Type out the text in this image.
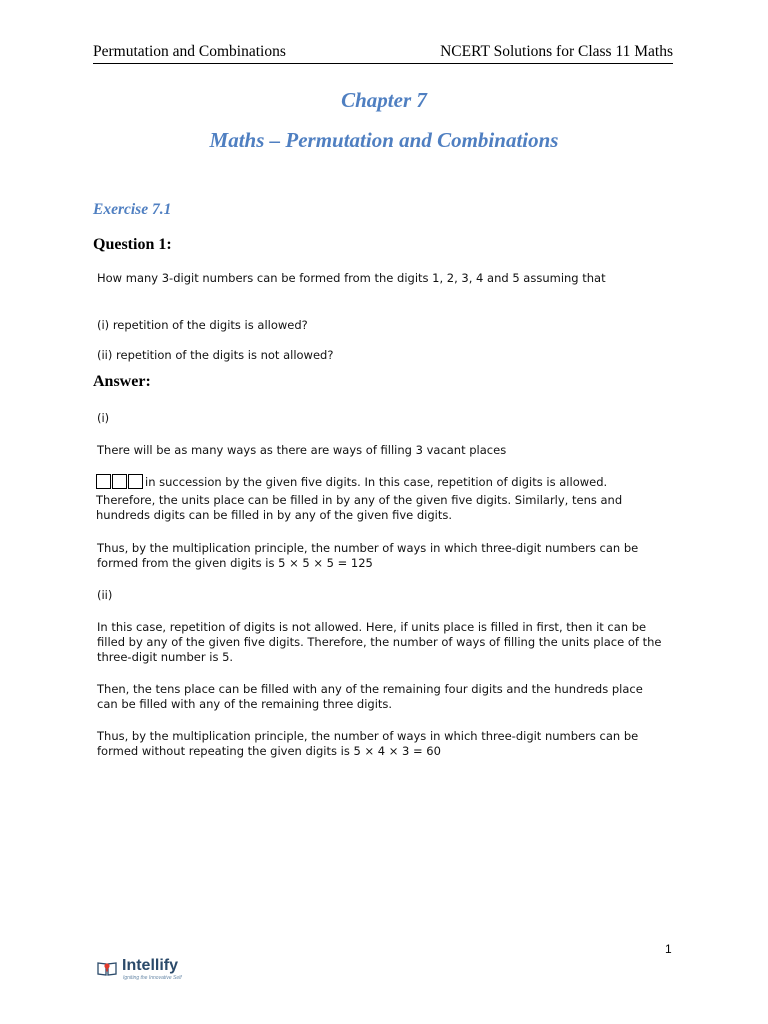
Permutation and Combinations	NCERT Solutions for Class 11 Maths
Chapter 7
Maths – Permutation and Combinations
Exercise 7.1
Question 1:
How many 3-digit numbers can be formed from the digits 1, 2, 3, 4 and 5 assuming that
(i) repetition of the digits is allowed?
(ii) repetition of the digits is not allowed?
Answer:
(i)
There will be as many ways as there are ways of filling 3 vacant places
in succession by the given five digits. In this case, repetition of digits is allowed. Therefore, the units place can be filled in by any of the given five digits. Similarly, tens and hundreds digits can be filled in by any of the given five digits.
Thus, by the multiplication principle, the number of ways in which three-digit numbers can be formed from the given digits is 5 × 5 × 5 = 125
(ii)
In this case, repetition of digits is not allowed. Here, if units place is filled in first, then it can be filled by any of the given five digits. Therefore, the number of ways of filling the units place of the three-digit number is 5.
Then, the tens place can be filled with any of the remaining four digits and the hundreds place can be filled with any of the remaining three digits.
Thus, by the multiplication principle, the number of ways in which three-digit numbers can be formed without repeating the given digits is 5 × 4 × 3 = 60
1
Intellify
Igniting the Innovative Self
